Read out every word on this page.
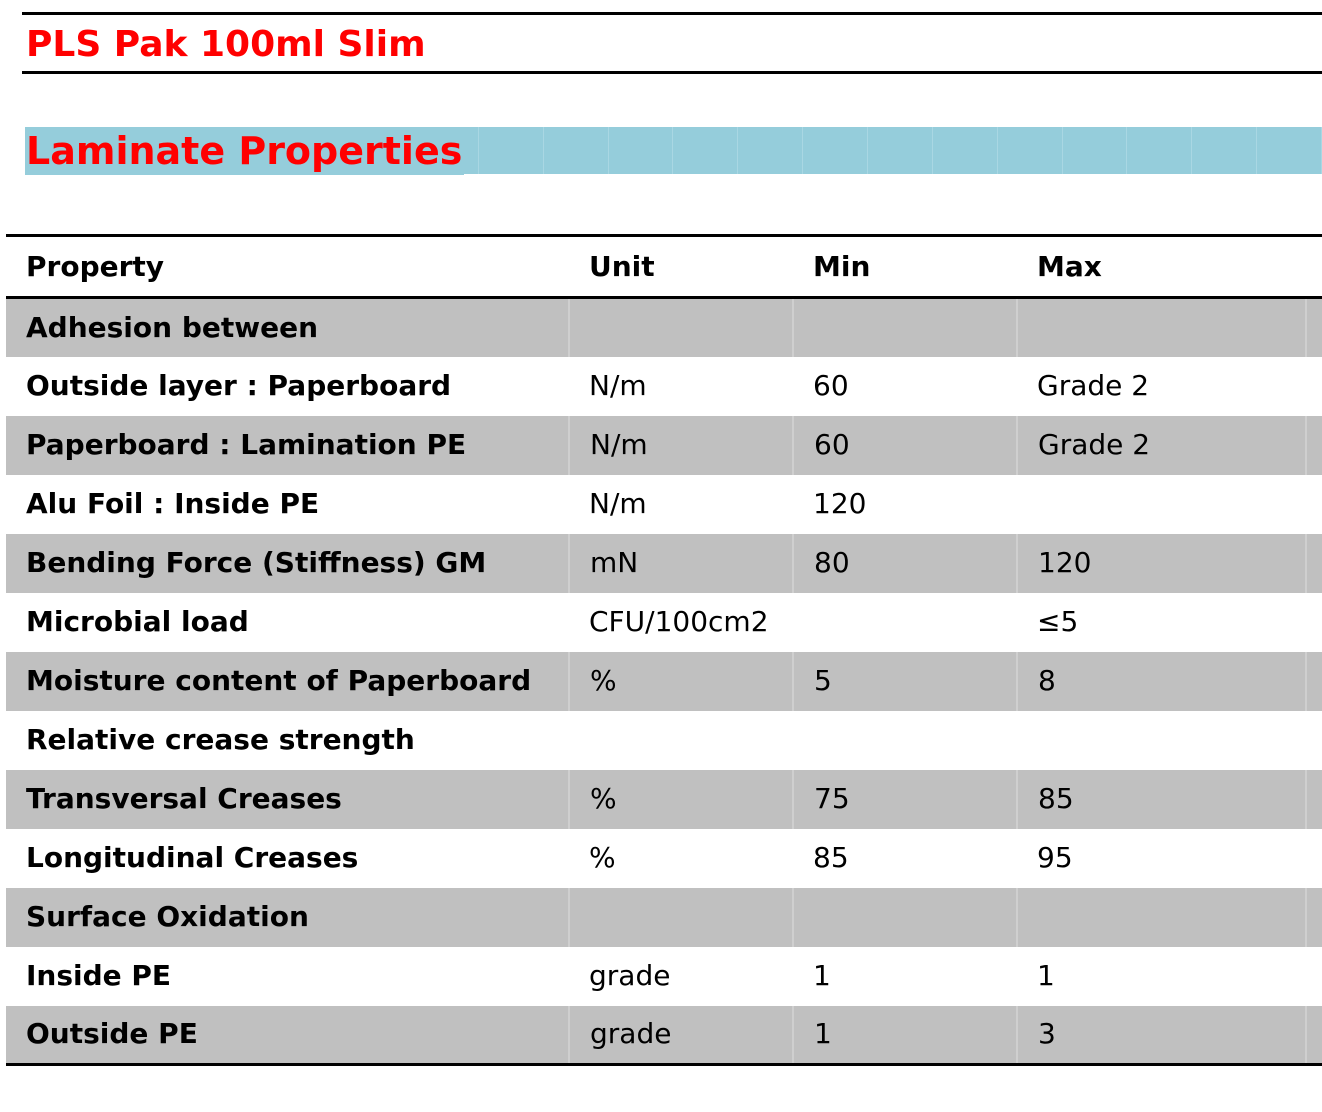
PLS Pak 100ml Slim
Laminate Properties
Property	Unit	Min	Max	
Adhesion between				
Outside layer : Paperboard	N/m	60	Grade 2	
Paperboard : Lamination PE	N/m	60	Grade 2	
Alu Foil : Inside PE	N/m	120		
Bending Force (Stiffness) GM	mN	80	120	
Microbial load	CFU/100cm2		≤5	
Moisture content of Paperboard	%	5	8	
Relative crease strength				
Transversal Creases	%	75	85	
Longitudinal Creases	%	85	95	
Surface Oxidation				
Inside PE	grade	1	1	
Outside PE	grade	1	3	
